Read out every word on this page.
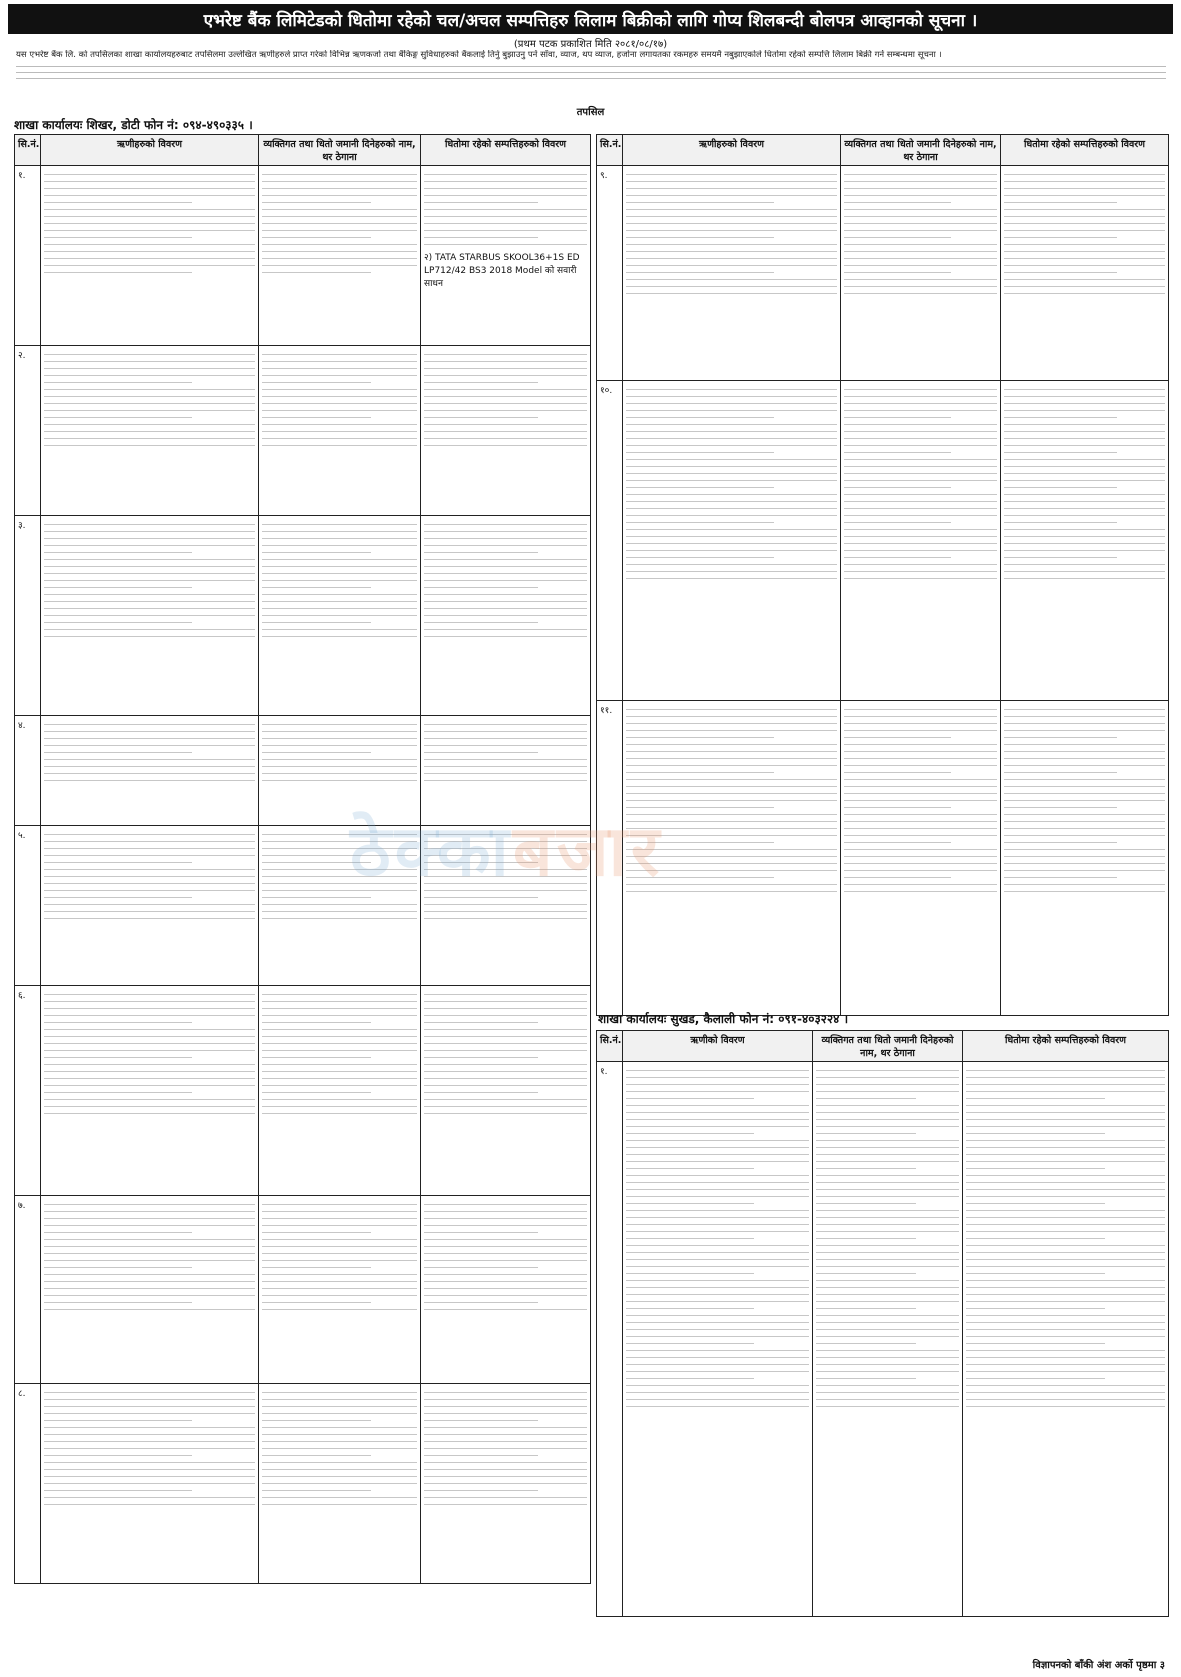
एभरेष्ट बैंक लिमिटेडको धितोमा रहेको चल/अचल सम्पत्तिहरु लिलाम बिक्रीको लागि गोप्य शिलबन्दी बोलपत्र आव्हानको सूचना ।
(प्रथम पटक प्रकाशित मिति २०८१/०८/१७)
यस एभरेष्ट बैंक लि. को तपसिलका शाखा कार्यालयहरुबाट तपसिलमा उल्लेखित ऋणीहरुले प्राप्त गरेको विभिन्न ऋणकर्जा तथा बैंकिङ्ग सुविधाहरुको बैंकलाई तिर्नु बुझाउनु पर्ने साँवा, व्याज, थप व्याज, हर्जाना लगायतका रकमहरु समयमै नबुझाएकोले धितोमा रहेको सम्पत्ति लिलाम बिक्री गर्ने सम्बन्धमा सूचना ।
तपसिल
शाखा कार्यालयः शिखर, डोटी फोन नं: ०९४-४९०३३५ ।
सि.नं.	ऋणीहरुको विवरण	व्यक्तिगत तथा धितो जमानी दिनेहरुको नाम, थर ठेगाना	धितोमा रहेको सम्पत्तिहरुको विवरण
१.			२) TATA STARBUS SKOOL36+1S ED LP712/42 BS3 2018 Model को सवारी साधन

२.	

३.	

४.	

५.	

६.	

७.	

८.	

सि.नं.	ऋणीहरुको विवरण	व्यक्तिगत तथा धितो जमानी दिनेहरुको नाम, थर ठेगाना	धितोमा रहेको सम्पत्तिहरुको विवरण
९.	

१०.	

११.	

शाखा कार्यालयः सुखड, कैलाली फोन नं: ०९१-४०३२२४ ।
सि.नं.	ऋणीको विवरण	व्यक्तिगत तथा धितो जमानी दिनेहरुको नाम, थर ठेगाना	धितोमा रहेको सम्पत्तिहरुको विवरण
१.	

ठेक्काबजार
विज्ञापनको बाँकी अंश अर्को पृष्ठमा ३
